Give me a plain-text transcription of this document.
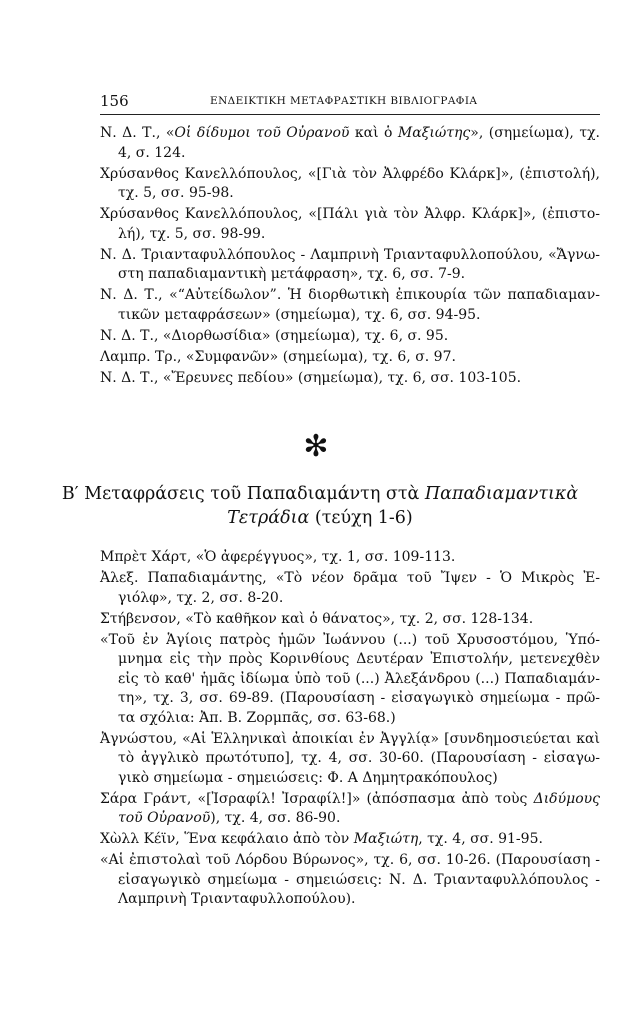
156	ΕΝΔΕΙΚΤΙΚΗ ΜΕΤΑΦΡΑΣΤΙΚΗ ΒΙΒΛΙΟΓΡΑΦΙΑ
Ν. Δ. Τ., «Οἱ δίδυμοι τοῦ Οὐρανοῦ καὶ ὁ Μαξιώτης», (σημείωμα), τχ. 4, σ. 124.
Χρύσανθος Κανελλόπουλος, «[Γιὰ τὸν Ἀλφρέδο Κλάρκ]», (ἐπιστολή), τχ. 5, σσ. 95-98.
Χρύσανθος Κανελλόπουλος, «[Πάλι γιὰ τὸν Ἀλφρ. Κλάρκ]», (ἐπιστο-λή), τχ. 5, σσ. 98-99.
Ν. Δ. Τριανταφυλλόπουλος - Λαμπρινὴ Τριανταφυλλοπούλου, «Ἄγνω-στη παπαδιαμαντικὴ μετάφραση», τχ. 6, σσ. 7-9.
Ν. Δ. Τ., «“Αὐτείδωλον”. Ἡ διορθωτικὴ ἐπικουρία τῶν παπαδιαμαν-τικῶν μεταφράσεων» (σημείωμα), τχ. 6, σσ. 94-95.
Ν. Δ. Τ., «Διορθωσίδια» (σημείωμα), τχ. 6, σ. 95.
Λαμπρ. Τρ., «Συμφανῶν» (σημείωμα), τχ. 6, σ. 97.
Ν. Δ. Τ., «Ἔρευνες πεδίου» (σημείωμα), τχ. 6, σσ. 103-105.
✻
Β′ Μεταφράσεις τοῦ Παπαδιαμάντη στὰ Παπαδιαμαντικὰ Τετράδια (τεύχη 1-6)
Μπρὲτ Χάρτ, «Ὁ ἀφερέγγυος», τχ. 1, σσ. 109-113.
Ἀλεξ. Παπαδιαμάντης, «Τὸ νέον δρᾶμα τοῦ Ἴψεν - Ὁ Μικρὸς Ἐ-γιόλφ», τχ. 2, σσ. 8-20.
Στήβενσον, «Τὸ καθῆκον καὶ ὁ θάνατος», τχ. 2, σσ. 128-134.
«Τοῦ ἐν Ἁγίοις πατρὸς ἡμῶν Ἰωάννου (...) τοῦ Χρυσοστόμου, Ὑπό-μνημα εἰς τὴν πρὸς Κορινθίους Δευτέραν Ἐπιστολήν, μετενεχθὲν εἰς τὸ καθ' ἡμᾶς ἰδίωμα ὑπὸ τοῦ (...) Ἀλεξάνδρου (...) Παπαδιαμάν-τη», τχ. 3, σσ. 69-89. (Παρουσίαση - εἰσαγωγικὸ σημείωμα - πρῶ-τα σχόλια: Ἀπ. Β. Ζορμπᾶς, σσ. 63-68.)
Ἀγνώστου, «Αἱ Ἑλληνικαὶ ἀποικίαι ἐν Ἀγγλίᾳ» [συνδημοσιεύεται καὶ τὸ ἀγγλικὸ πρωτότυπο], τχ. 4, σσ. 30-60. (Παρουσίαση - εἰσαγω-γικὸ σημείωμα - σημειώσεις: Φ. Α Δημητρακόπουλος)
Σάρα Γράντ, «[Ἰσραφίλ! Ἰσραφίλ!]» (ἀπόσπασμα ἀπὸ τοὺς Διδύμους τοῦ Οὐρανοῦ), τχ. 4, σσ. 86-90.
Χὼλλ Κέϊν, Ἕνα κεφάλαιο ἀπὸ τὸν Μαξιώτη, τχ. 4, σσ. 91-95.
«Αἱ ἐπιστολαὶ τοῦ Λόρδου Βύρωνος», τχ. 6, σσ. 10-26. (Παρουσίαση - εἰσαγωγικὸ σημείωμα - σημειώσεις: Ν. Δ. Τριανταφυλλόπουλος - Λαμπρινὴ Τριανταφυλλοπούλου).
